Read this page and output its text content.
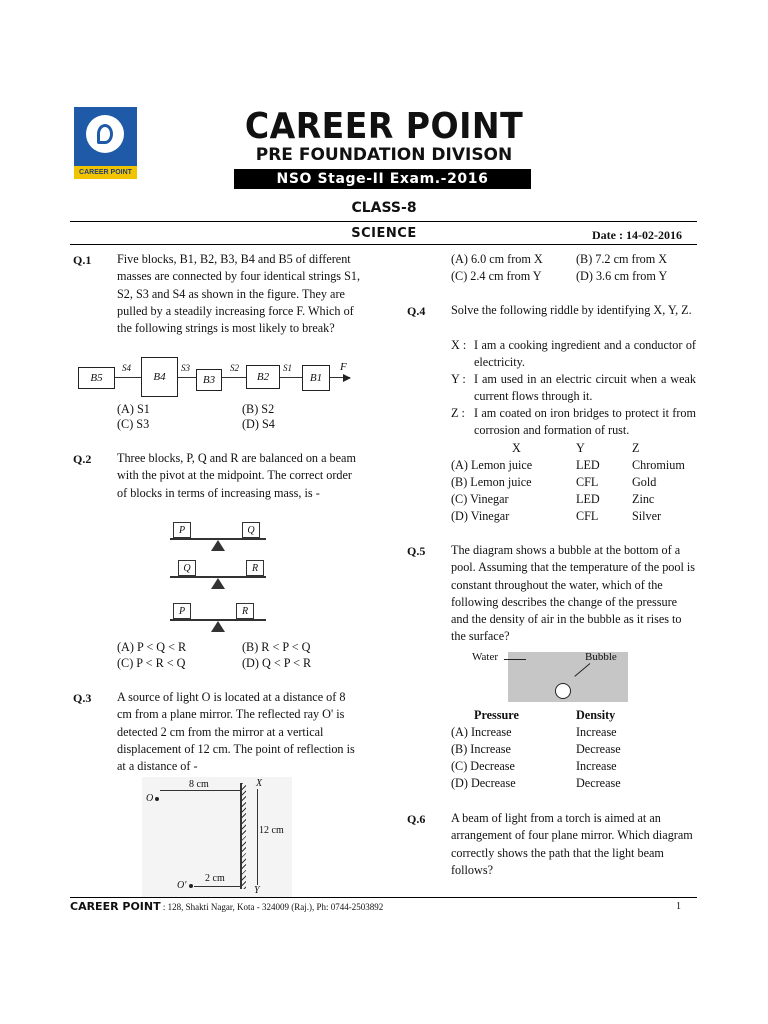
CAREER POINT
CAREER POINT
PRE FOUNDATION DIVISON
NSO Stage-II Exam.-2016
CLASS-8
SCIENCE	Date : 14-02-2016
Q.1 Five blocks, B1, B2, B3, B4 and B5 of different masses are connected by four identical strings S1, S2, S3 and S4 as shown in the figure. They are pulled by a steadily increasing force F. Which of the following strings is most likely to break?
B5	B4	B3	B2	B1
S4	S3	S2	S1	F
(A) S1	(B) S2
(C) S3	(D) S4
Q.2 Three blocks, P, Q and R are balanced on a beam with the pivot at the midpoint. The correct order of blocks in terms of increasing mass, is -
P	Q
Q	R
P	R
(A) P < Q < R	(B) R < P < Q
(C) P < R < Q	(D) Q < P < R
Q.3 A source of light O is located at a distance of 8 cm from a plane mirror. The reflected ray O' is detected 2 cm from the mirror at a vertical displacement of 12 cm. The point of reflection is at a distance of -
O
8 cm	X
12 cm
O'
2 cm
Y
(A) 6.0 cm from X	(B) 7.2 cm from X
(C) 2.4 cm from Y	(D) 3.6 cm from Y
Q.4 Solve the following riddle by identifying X, Y, Z.
X : I am a cooking ingredient and a conductor of electricity.
Y : I am used in an electric circuit when a weak current flows through it.
Z : I am coated on iron bridges to protect it from corrosion and formation of rust.
X	Y	Z
(A) Lemon juice	LED	Chromium
(B) Lemon juice	CFL	Gold
(C) Vinegar	LED	Zinc
(D) Vinegar	CFL	Silver
Q.5 The diagram shows a bubble at the bottom of a pool. Assuming that the temperature of the pool is constant throughout the water, which of the following describes the change of the pressure and the density of air in the bubble as it rises to the surface?
Water	Bubble
Pressure	Density
(A) Increase	Increase
(B) Increase	Decrease
(C) Decrease	Increase
(D) Decrease	Decrease
Q.6 A beam of light from a torch is aimed at an arrangement of four plane mirror. Which diagram correctly shows the path that the light beam follows?
CAREER POINT : 128, Shakti Nagar, Kota - 324009 (Raj.), Ph: 0744-2503892	1
